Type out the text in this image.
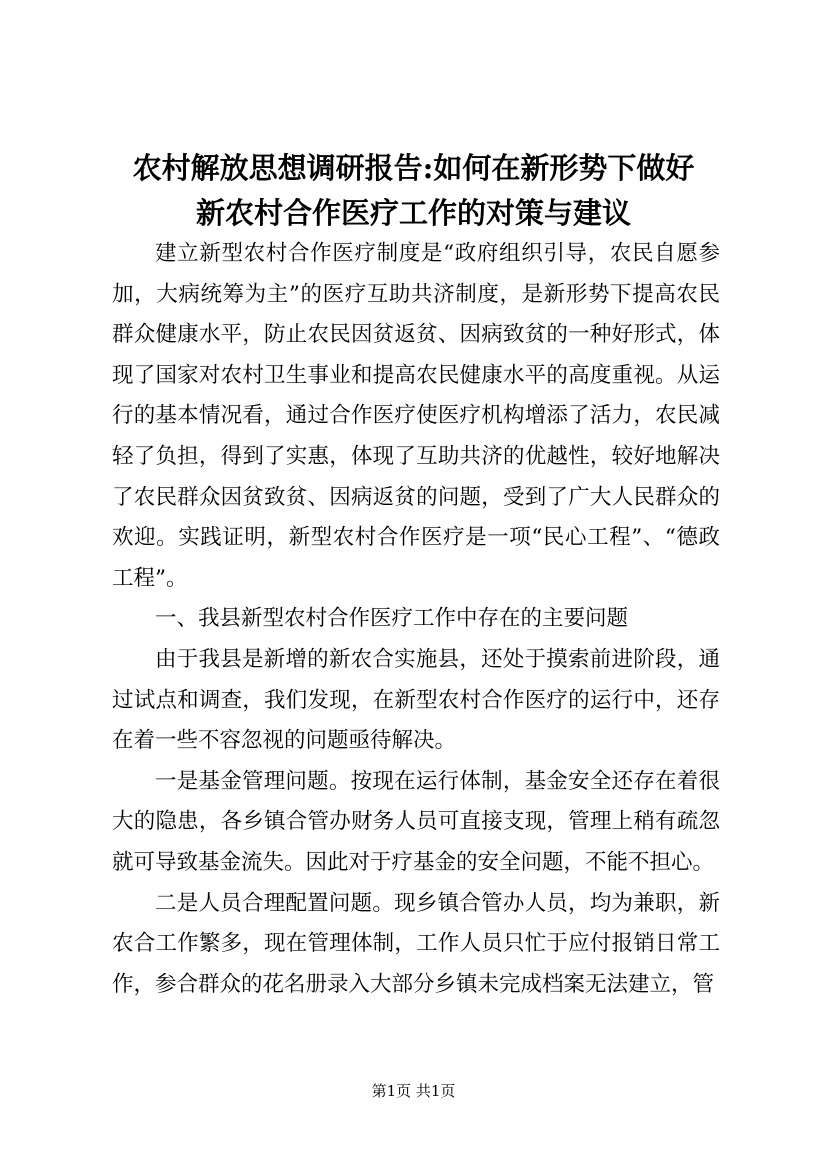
农村解放思想调研报告:如何在新形势下做好
新农村合作医疗工作的对策与建议

建立新型农村合作医疗制度是“政府组织引导，农民自愿参加，大病统筹为主”的医疗互助共济制度，是新形势下提高农民群众健康水平，防止农民因贫返贫、因病致贫的一种好形式，体现了国家对农村卫生事业和提高农民健康水平的高度重视。从运行的基本情况看，通过合作医疗使医疗机构增添了活力，农民减轻了负担，得到了实惠，体现了互助共济的优越性，较好地解决了农民群众因贫致贫、因病返贫的问题，受到了广大人民群众的欢迎。实践证明，新型农村合作医疗是一项“民心工程”、“德政工程”。

一、我县新型农村合作医疗工作中存在的主要问题

由于我县是新增的新农合实施县，还处于摸索前进阶段，通过试点和调查，我们发现，在新型农村合作医疗的运行中，还存在着一些不容忽视的问题亟待解决。

一是基金管理问题。按现在运行体制，基金安全还存在着很大的隐患，各乡镇合管办财务人员可直接支现，管理上稍有疏忽就可导致基金流失。因此对于疗基金的安全问题，不能不担心。

二是人员合理配置问题。现乡镇合管办人员，均为兼职，新农合工作繁多，现在管理体制，工作人员只忙于应付报销日常工作，参合群众的花名册录入大部分乡镇未完成档案无法建立，管

第1页 共1页
